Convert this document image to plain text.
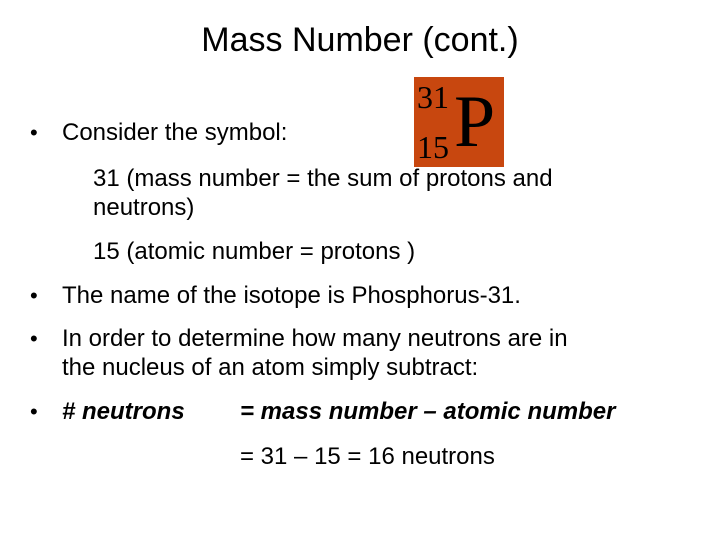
Mass Number (cont.)
• Consider the symbol:
31
15 P
31 (mass number = the sum of protons and
neutrons)
15 (atomic number = protons )
• The name of the isotope is Phosphorus-31.
• In order to determine how many neutrons are in
the nucleus of an atom simply subtract:
• # neutrons = mass number – atomic number
= 31 – 15 = 16 neutrons
